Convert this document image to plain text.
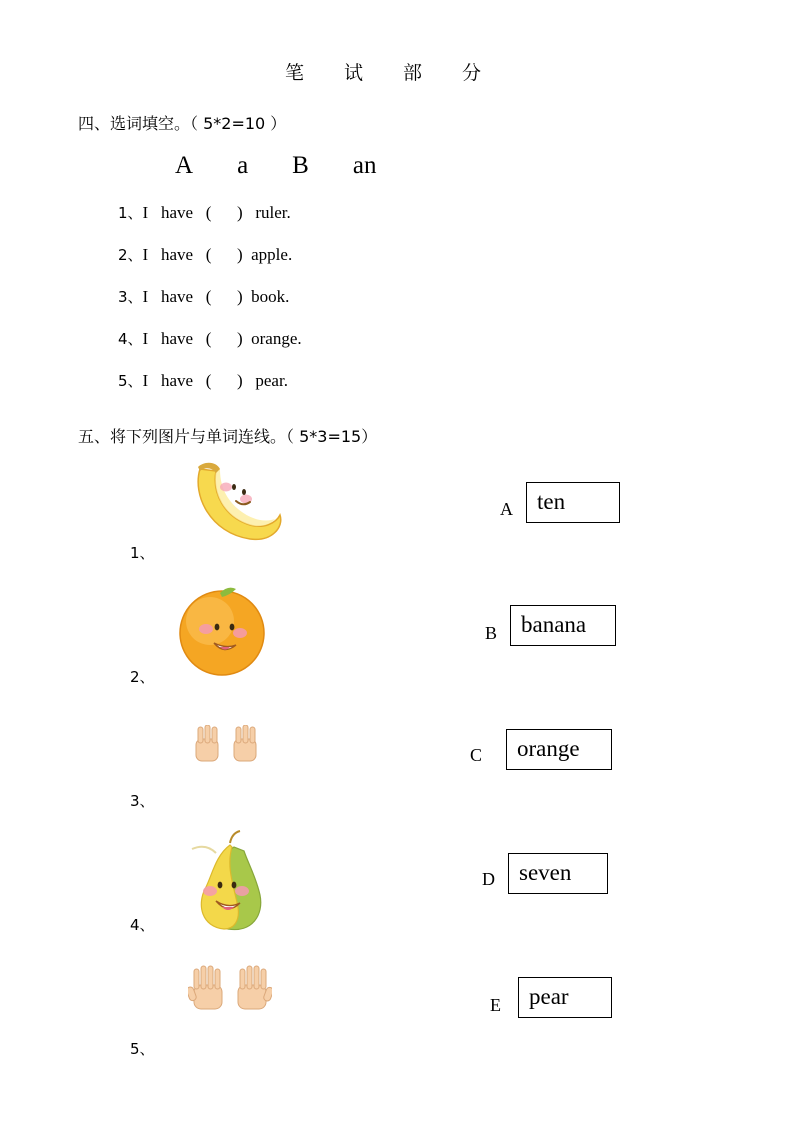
笔 试 部 分
四、选词填空。（ 5*2=10 ）
A a B an
1、I   have   (      )   ruler.
2、I   have   (      )  apple.
3、I   have   (      )  book.
4、I   have   (      )  orange.
5、I   have   (      )   pear.
五、将下列图片与单词连线。（ 5*3=15）
1、
A	ten
2、
B	banana
3、
C	orange
4、
D	seven
5、
E	pear
